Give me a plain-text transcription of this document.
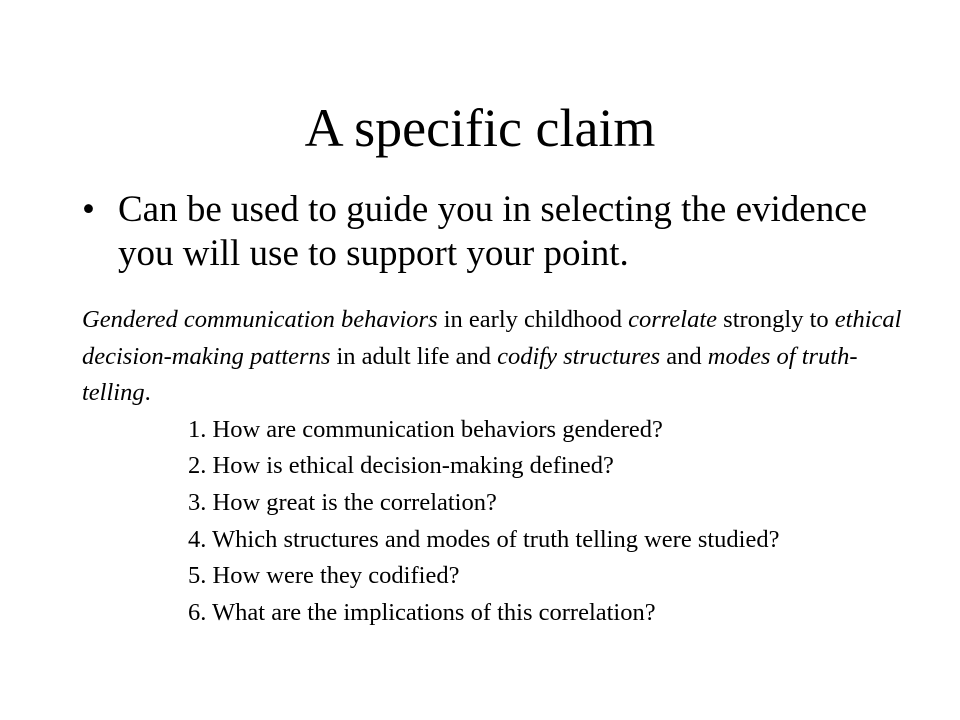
A specific claim
• Can be used to guide you in selecting the evidence you will use to support your point.

Gendered communication behaviors in early childhood correlate strongly to ethical decision-making patterns in adult life and codify structures and modes of truth-telling.

1. How are communication behaviors gendered?

2. How is ethical decision-making defined?

3. How great is the correlation?

4. Which structures and modes of truth telling were studied?

5. How were they codified?

6. What are the implications of this correlation?
